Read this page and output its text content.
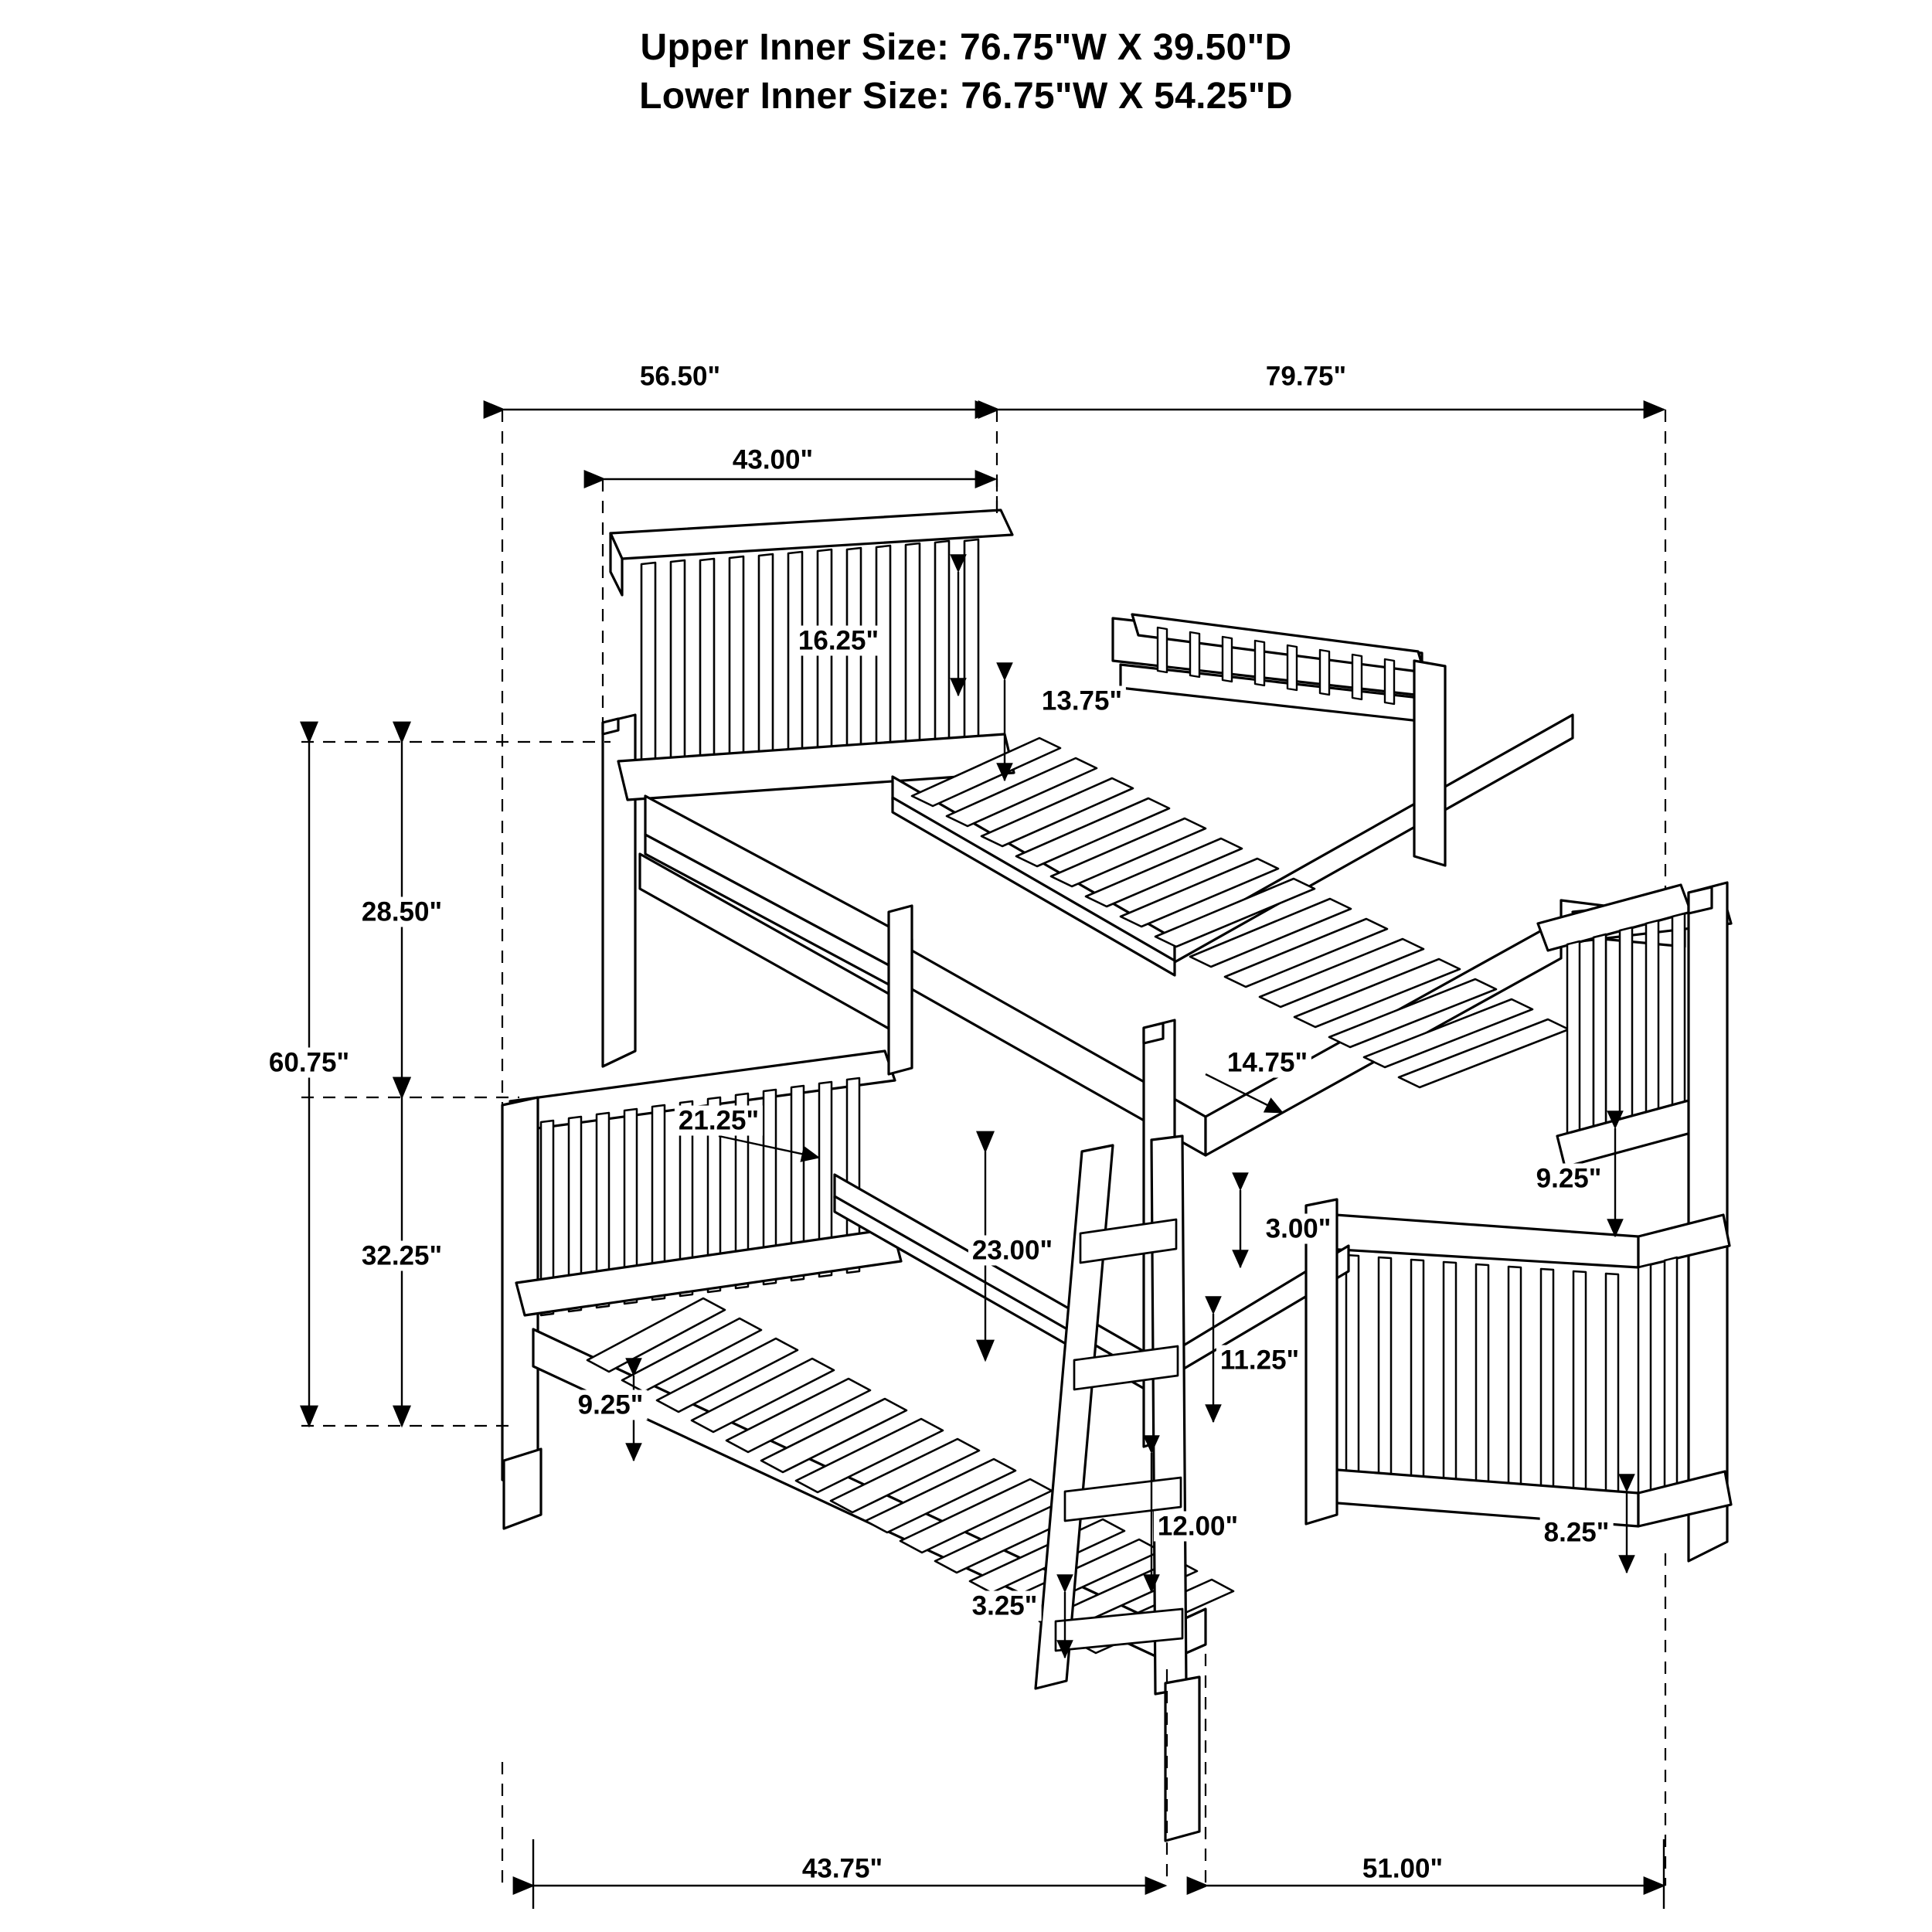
Upper Inner Size: 76.75"W X 39.50"D
Lower Inner Size: 76.75"W X 54.25"D
56.50"	79.75"
43.00"
16.25"
13.75"
28.50"
60.75"
32.25"
21.25"
14.75"
9.25"
3.00"
23.00"
11.25"
9.25"
12.00"	8.25"
3.25"
43.75"	51.00"
